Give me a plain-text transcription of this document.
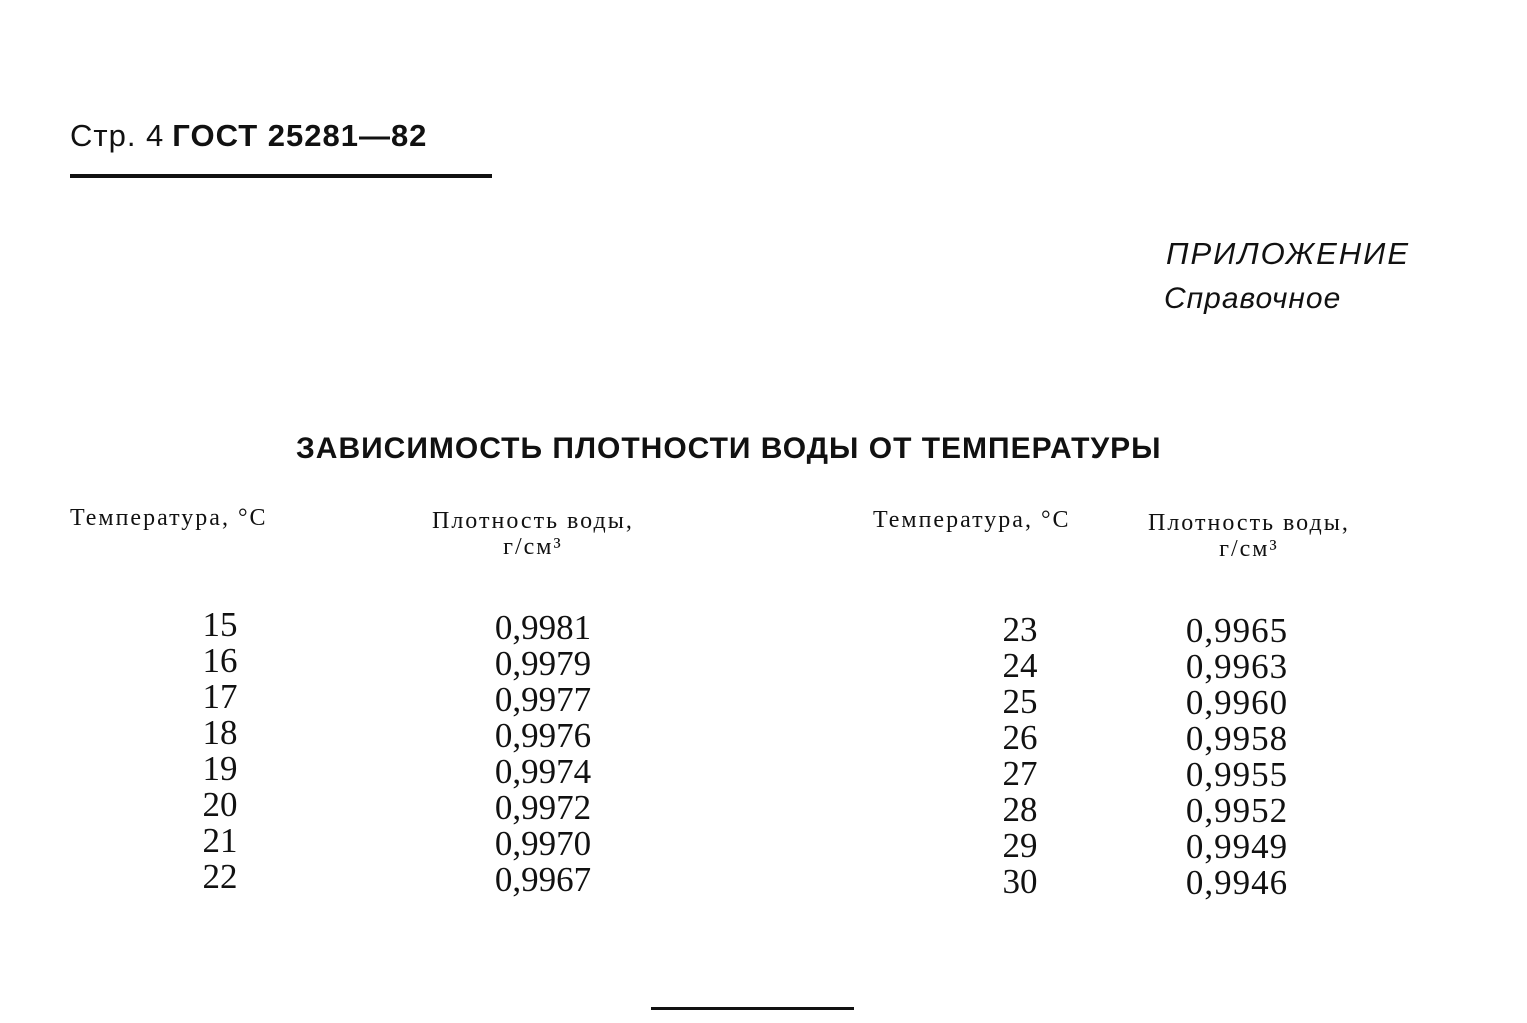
Стр. 4 ГОСТ 25281—82
ПРИЛОЖЕНИЕ
Справочное
ЗАВИСИМОСТЬ ПЛОТНОСТИ ВОДЫ ОТ ТЕМПЕРАТУРЫ
Температура, °С	Плотность воды,
г/см³
Температура, °С	Плотность воды,
г/см³
15
16
17
18
19
20
21
22
0,9981
0,9979
0,9977
0,9976
0,9974
0,9972
0,9970
0,9967
23
24
25
26
27
28
29
30
0,9965
0,9963
0,9960
0,9958
0,9955
0,9952
0,9949
0,9946
